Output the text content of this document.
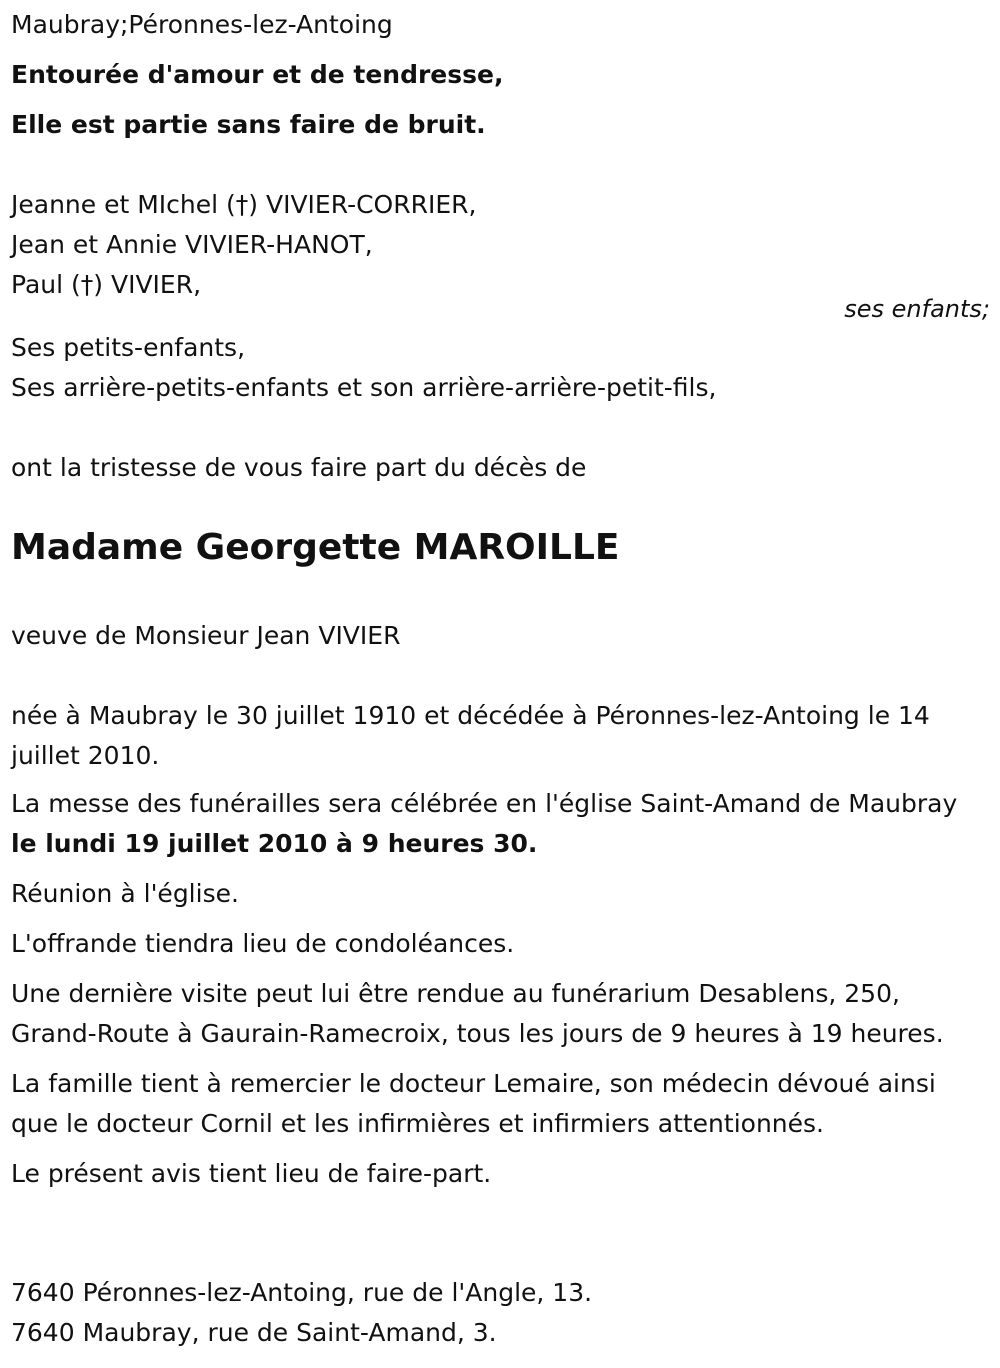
Maubray;Péronnes-lez-Antoing
Entourée d'amour et de tendresse,
Elle est partie sans faire de bruit.
Jeanne et MIchel (†) VIVIER-CORRIER,
Jean et Annie VIVIER-HANOT,
Paul (†) VIVIER,
ses enfants;
Ses petits-enfants,
Ses arrière-petits-enfants et son arrière-arrière-petit-fils,
ont la tristesse de vous faire part du décès de
Madame Georgette MAROILLE
veuve de Monsieur Jean VIVIER

née à Maubray le 30 juillet 1910 et décédée à Péronnes-lez-Antoing le 14 juillet 2010.

La messe des funérailles sera célébrée en l'église Saint-Amand de Maubray le lundi 19 juillet 2010 à 9 heures 30.

Réunion à l'église.

L'offrande tiendra lieu de condoléances.

Une dernière visite peut lui être rendue au funérarium Desablens, 250, Grand-Route à Gaurain-Ramecroix, tous les jours de 9 heures à 19 heures.

La famille tient à remercier le docteur Lemaire, son médecin dévoué ainsi que le docteur Cornil et les infirmières et infirmiers attentionnés.

Le présent avis tient lieu de faire-part.

7640 Péronnes-lez-Antoing, rue de l'Angle, 13.
7640 Maubray, rue de Saint-Amand, 3.
